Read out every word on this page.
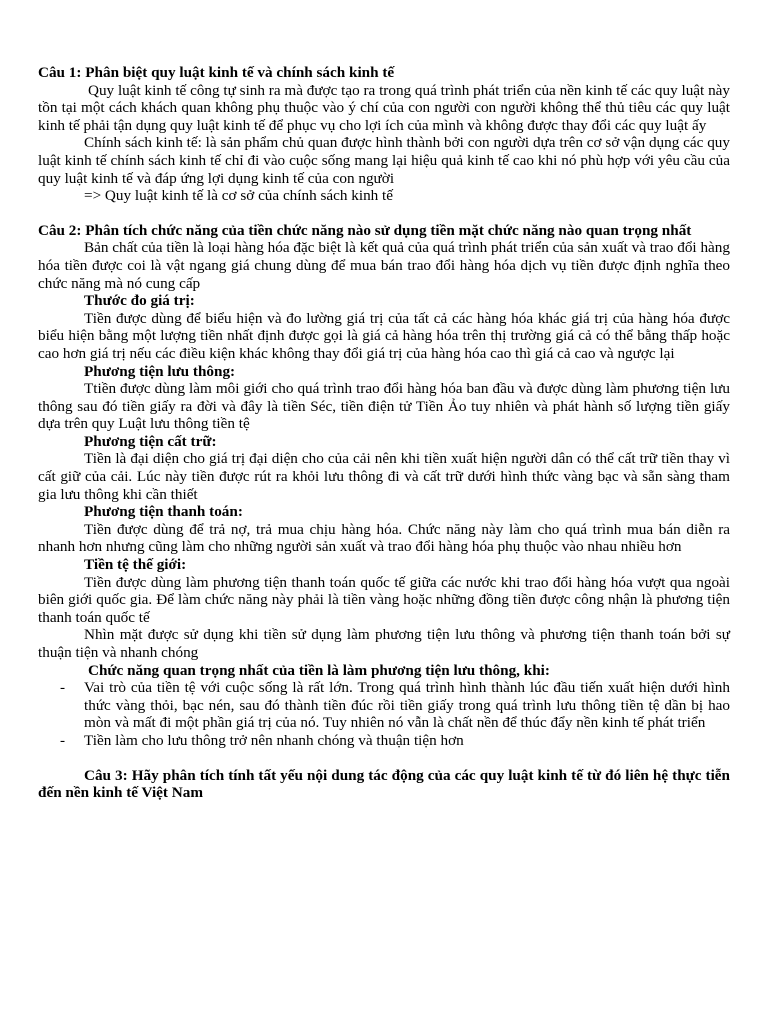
Câu 1: Phân biệt quy luật kinh tế và chính sách kinh tế

Quy luật kinh tế công tự sinh ra mà được tạo ra trong quá trình phát triển của nền kinh tế các quy luật này tồn tại một cách khách quan không phụ thuộc vào ý chí của con người con người không thể thủ tiêu các quy luật kinh tế phải tận dụng quy luật kinh tế để phục vụ cho lợi ích của mình và không được thay đổi các quy luật ấy

Chính sách kinh tế: là sản phẩm chủ quan được hình thành bởi con người dựa trên cơ sở vận dụng các quy luật kinh tế chính sách kinh tế chỉ đi vào cuộc sống mang lại hiệu quả kinh tế cao khi nó phù hợp với yêu cầu của quy luật kinh tế và đáp ứng lợi dụng kinh tế của con người

=> Quy luật kinh tế là cơ sở của chính sách kinh tế

Câu 2: Phân tích chức năng của tiền chức năng nào sử dụng tiền mặt chức năng nào quan trọng nhất

Bản chất của tiền là loại hàng hóa đặc biệt là kết quả của quá trình phát triển của sản xuất và trao đổi hàng hóa tiền được coi là vật ngang giá chung dùng để mua bán trao đổi hàng hóa dịch vụ tiền được định nghĩa theo chức năng mà nó cung cấp

Thước đo giá trị:

Tiền được dùng để biểu hiện và đo lường giá trị của tất cả các hàng hóa khác giá trị của hàng hóa được biểu hiện bằng một lượng tiền nhất định được gọi là giá cả hàng hóa trên thị trường giá cả có thể bằng thấp hoặc cao hơn giá trị nếu các điều kiện khác không thay đổi giá trị của hàng hóa cao thì giá cả cao và ngược lại

Phương tiện lưu thông:

Ttiền được dùng làm môi giới cho quá trình trao đổi hàng hóa ban đầu và được dùng làm phương tiện lưu thông sau đó tiền giấy ra đời và đây là tiền Séc, tiền điện tử Tiền Ảo tuy nhiên và phát hành số lượng tiền giấy dựa trên quy Luật lưu thông tiền tệ

Phương tiện cất trữ:

Tiền là đại diện cho giá trị đại diện cho của cải nên khi tiền xuất hiện người dân có thể cất trữ tiền thay vì cất giữ của cải. Lúc này tiền được rút ra khỏi lưu thông đi và cất trữ dưới hình thức vàng bạc và sẵn sàng tham gia lưu thông khi cần thiết

Phương tiện thanh toán:

Tiền được dùng để trả nợ, trả mua chịu hàng hóa. Chức năng này làm cho quá trình mua bán diễn ra nhanh hơn nhưng cũng làm cho những người sản xuất và trao đổi hàng hóa phụ thuộc vào nhau nhiều hơn

Tiền tệ thế giới:

Tiền được dùng làm phương tiện thanh toán quốc tế giữa các nước khi trao đổi hàng hóa vượt qua ngoài biên giới quốc gia. Để làm chức năng này phải là tiền vàng hoặc những đồng tiền được công nhận là phương tiện thanh toán quốc tế

Nhìn mặt được sử dụng khi tiền sử dụng làm phương tiện lưu thông và phương tiện thanh toán bởi sự thuận tiện và nhanh chóng

Chức năng quan trọng nhất của tiền là làm phương tiện lưu thông, khi:

- Vai trò của tiền tệ với cuộc sống là rất lớn. Trong quá trình hình thành lúc đầu tiến xuất hiện dưới hình thức vàng thỏi, bạc nén, sau đó thành tiền đúc rồi tiền giấy trong quá trình lưu thông tiền tệ dần bị hao mòn và mất đi một phần giá trị của nó. Tuy nhiên nó vẫn là chất nền để thúc đẩy nền kinh tế phát triển
- Tiền làm cho lưu thông trở nên nhanh chóng và thuận tiện hơn

Câu 3: Hãy phân tích tính tất yếu nội dung tác động của các quy luật kinh tế từ đó liên hệ thực tiễn đến nền kinh tế Việt Nam
